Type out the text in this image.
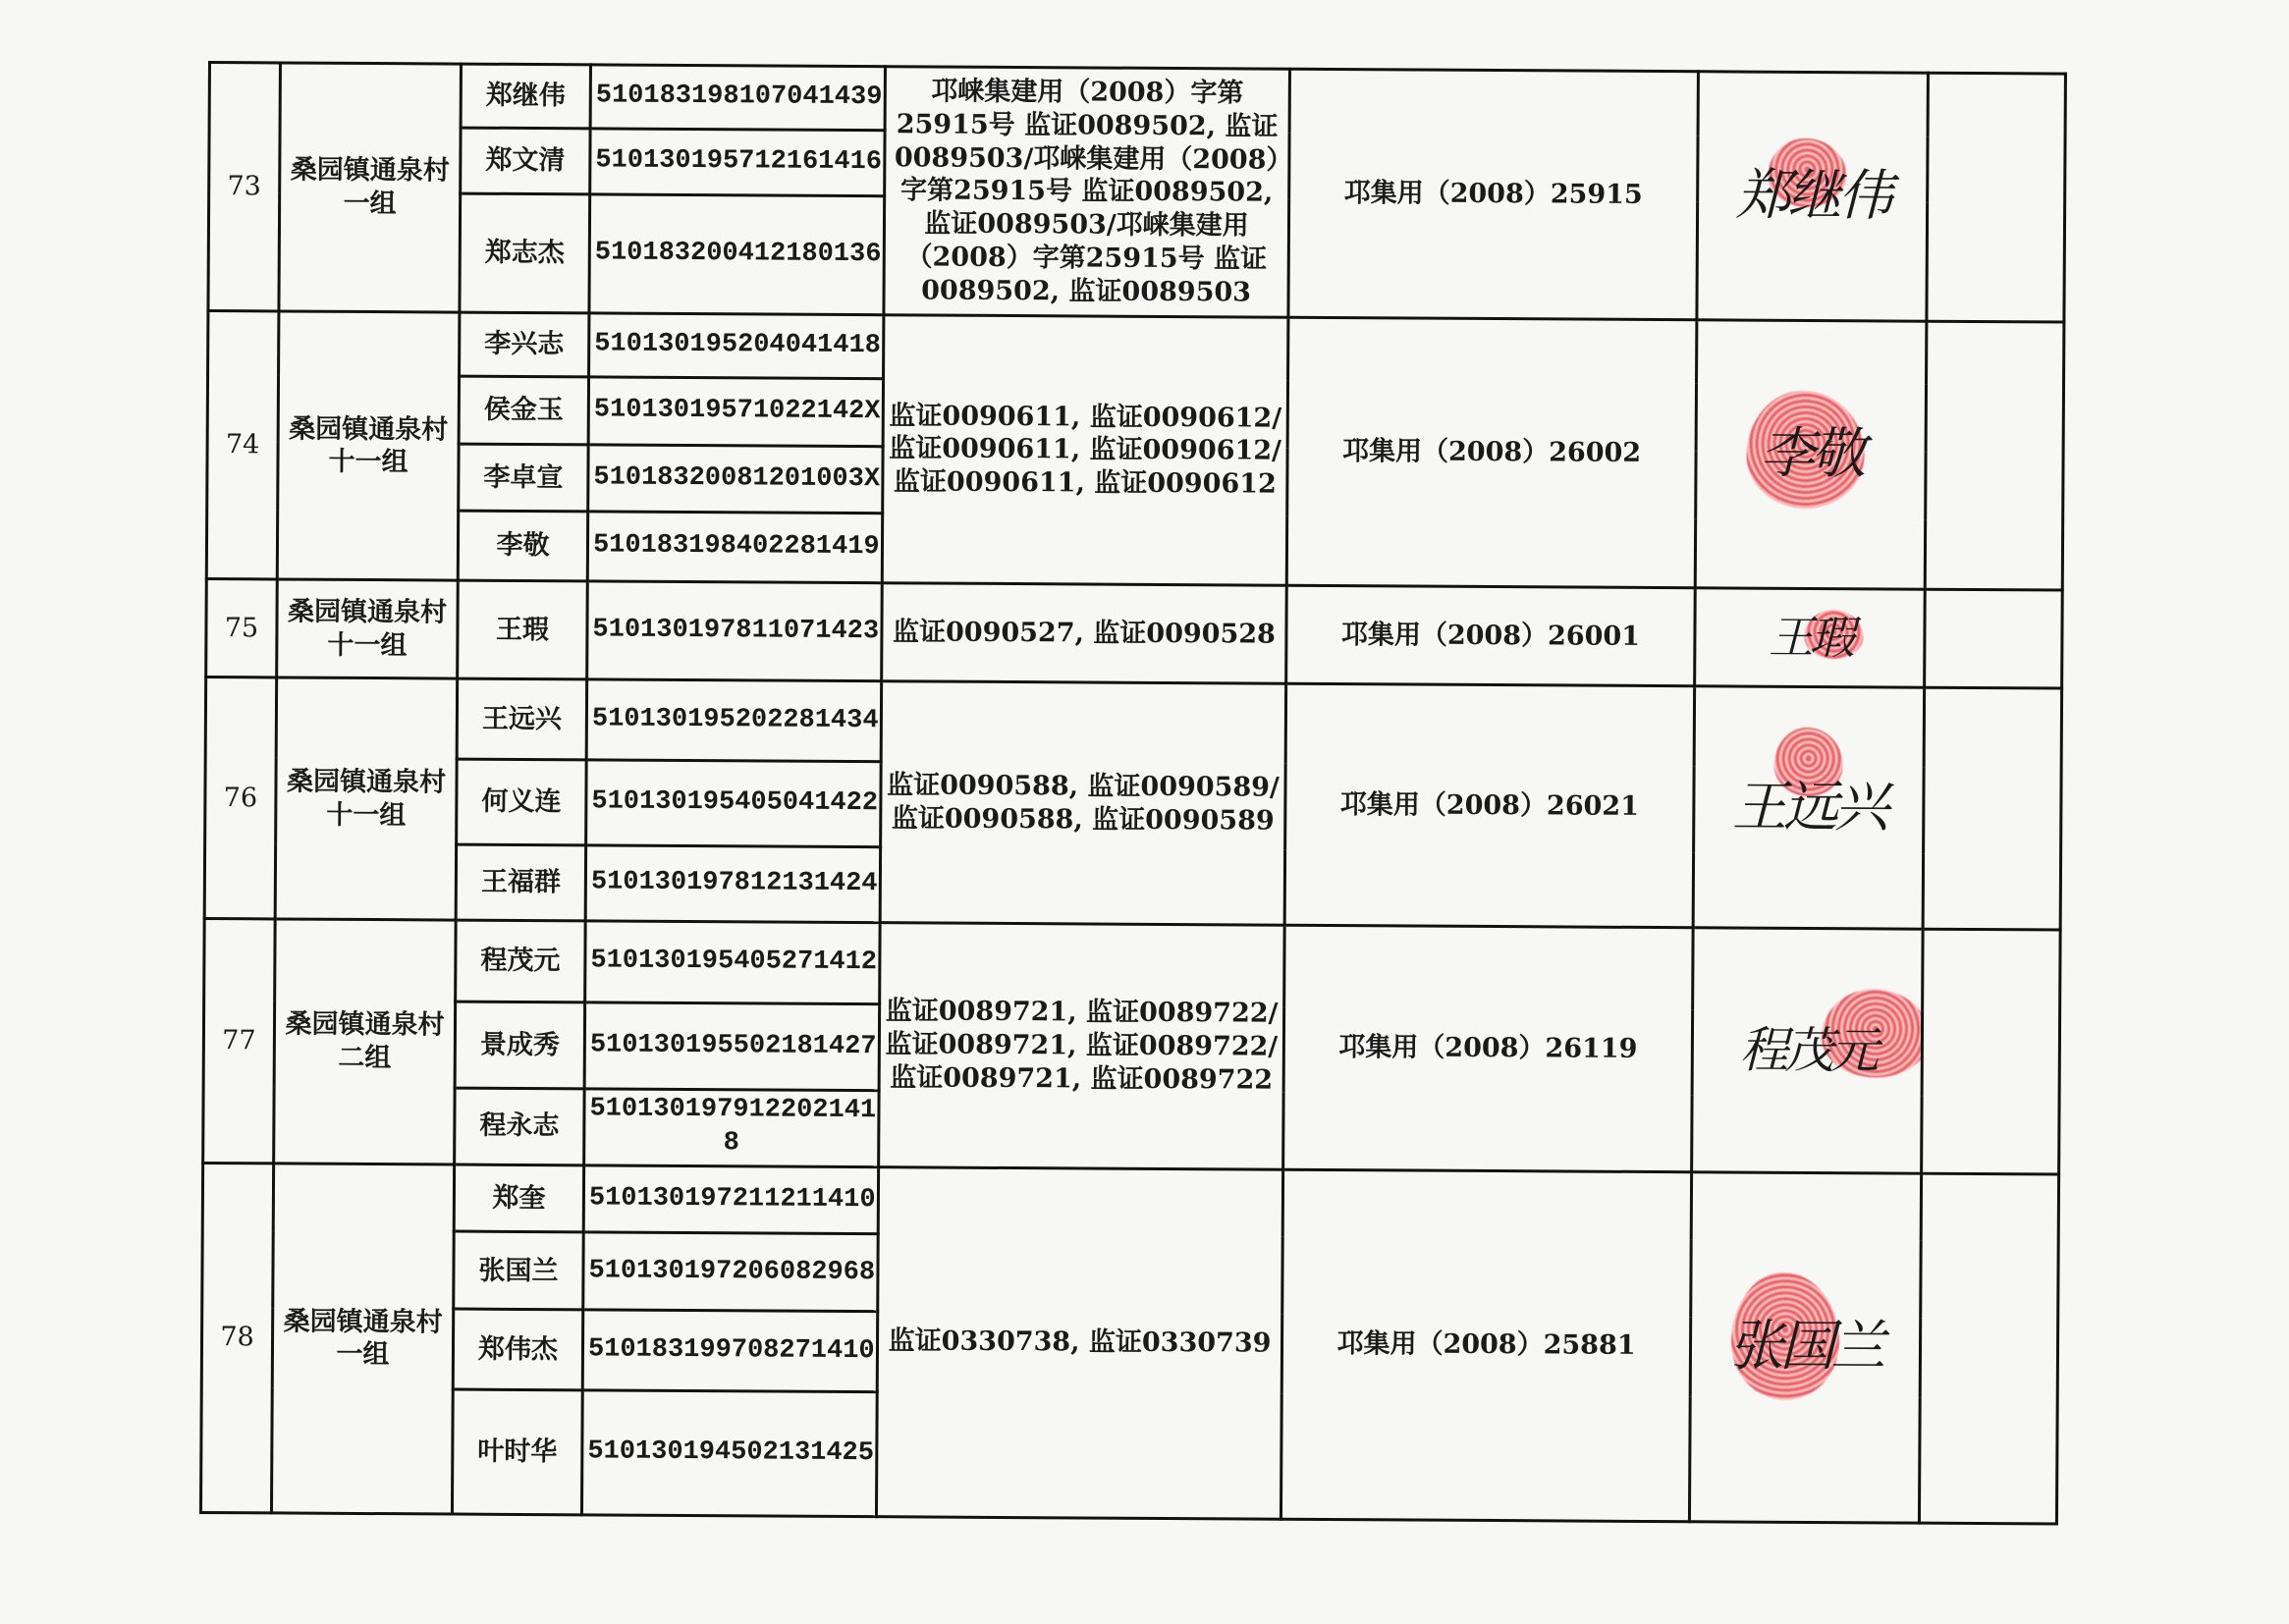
73	桑园镇通泉村一组	郑继伟	510183198107041439	邛崃集建用（2008）字第25915号 监证0089502, 监证0089503/邛崃集建用（2008）字第25915号 监证0089502, 监证0089503/邛崃集建用（2008）字第25915号 监证0089502, 监证0089503	邛集用（2008）25915	郑继伟	
		郑文清	510130195712161416				
		郑志杰	510183200412180136				
74	桑园镇通泉村十一组	李兴志	510130195204041418	监证0090611, 监证0090612/监证0090611, 监证0090612/监证0090611, 监证0090612	邛集用（2008）26002	李敬	
		侯金玉	51013019571022142X				
		李卓宣	51018320081201003X				
		李敬	510183198402281419				
75	桑园镇通泉村十一组	王瑕	510130197811071423	监证0090527, 监证0090528	邛集用（2008）26001	王瑕	
76	桑园镇通泉村十一组	王远兴	510130195202281434	监证0090588, 监证0090589/监证0090588, 监证0090589	邛集用（2008）26021	王远兴	
		何义连	510130195405041422				
		王福群	510130197812131424				
77	桑园镇通泉村二组	程茂元	510130195405271412	监证0089721, 监证0089722/监证0089721, 监证0089722/监证0089721, 监证0089722	邛集用（2008）26119	程茂元	
		景成秀	510130195502181427				
		程永志	510130197912202141​8				
78	桑园镇通泉村一组	郑奎	510130197211211410	监证0330738, 监证0330739	邛集用（2008）25881	张国兰	
		张国兰	510130197206082968				
		郑伟杰	510183199708271410				
		叶时华	510130194502131425				
